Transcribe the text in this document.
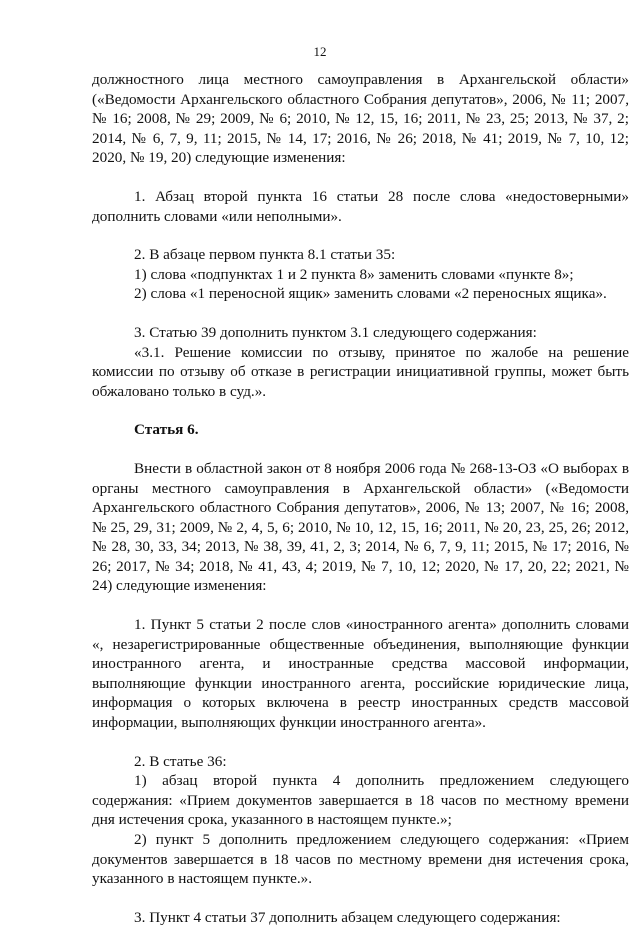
12

должностного лица местного самоуправления в Архангельской области» («Ведомости Архангельского областного Собрания депутатов», 2006, № 11; 2007, № 16; 2008, № 29; 2009, № 6; 2010, № 12, 15, 16; 2011, № 23, 25; 2013, № 37, 2; 2014, № 6, 7, 9, 11; 2015, № 14, 17; 2016, № 26; 2018, № 41; 2019, № 7, 10, 12; 2020, № 19, 20) следующие изменения:

1. Абзац второй пункта 16 статьи 28 после слова «недостоверными» дополнить словами «или неполными».

2. В абзаце первом пункта 8.1 статьи 35:

1) слова «подпунктах 1 и 2 пункта 8» заменить словами «пункте 8»;

2) слова «1 переносной ящик» заменить словами «2 переносных ящика».

3. Статью 39 дополнить пунктом 3.1 следующего содержания:

«3.1. Решение комиссии по отзыву, принятое по жалобе на решение комиссии по отзыву об отказе в регистрации инициативной группы, может быть обжаловано только в суд.».

Статья 6.

Внести в областной закон от 8 ноября 2006 года № 268-13-ОЗ «О выборах в органы местного самоуправления в Архангельской области» («Ведомости Архангельского областного Собрания депутатов», 2006, № 13; 2007, № 16; 2008, № 25, 29, 31; 2009, № 2, 4, 5, 6; 2010, № 10, 12, 15, 16; 2011, № 20, 23, 25, 26; 2012, № 28, 30, 33, 34; 2013, № 38, 39, 41, 2, 3; 2014, № 6, 7, 9, 11; 2015, № 17; 2016, № 26; 2017, № 34; 2018, № 41, 43, 4; 2019, № 7, 10, 12; 2020, № 17, 20, 22; 2021, № 24) следующие изменения:

1. Пункт 5 статьи 2 после слов «иностранного агента» дополнить словами «, незарегистрированные общественные объединения, выполняющие функции иностранного агента, и иностранные средства массовой информации, выполняющие функции иностранного агента, российские юридические лица, информация о которых включена в реестр иностранных средств массовой информации, выполняющих функции иностранного агента».

2. В статье 36:

1) абзац второй пункта 4 дополнить предложением следующего содержания: «Прием документов завершается в 18 часов по местному времени дня истечения срока, указанного в настоящем пункте.»;

2) пункт 5 дополнить предложением следующего содержания: «Прием документов завершается в 18 часов по местному времени дня истечения срока, указанного в настоящем пункте.».

3. Пункт 4 статьи 37 дополнить абзацем следующего содержания:
